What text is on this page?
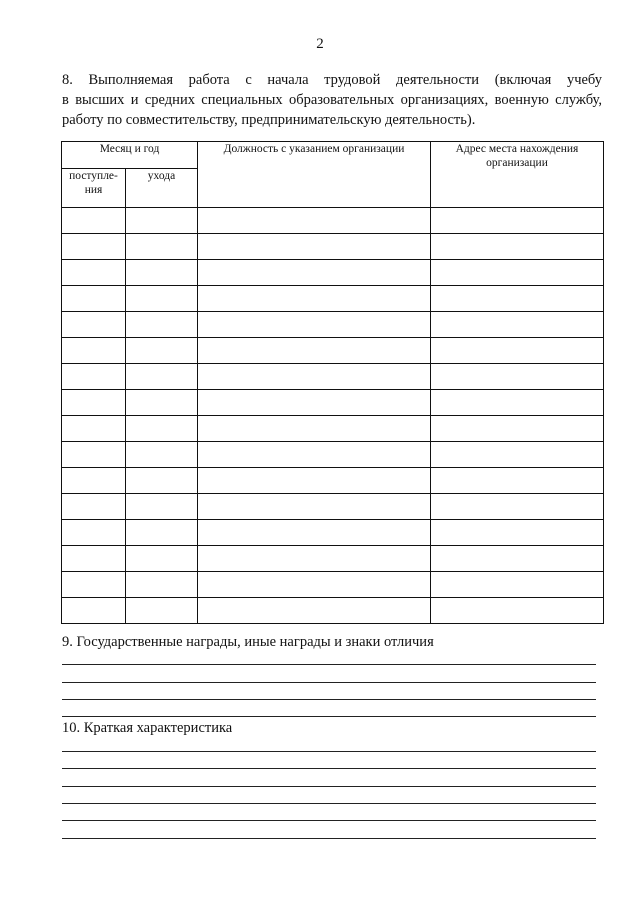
2

8. Выполняемая работа с начала трудовой деятельности (включая учебу

в высших и средних специальных образовательных организациях, военную службу,

работу по совместительству, предпринимательскую деятельность).

Месяц и год		Должность с указанием организации	Адрес места нахождения организации

поступле-ния	ухода		

9. Государственные награды, иные награды и знаки отличия
10. Краткая характеристика
